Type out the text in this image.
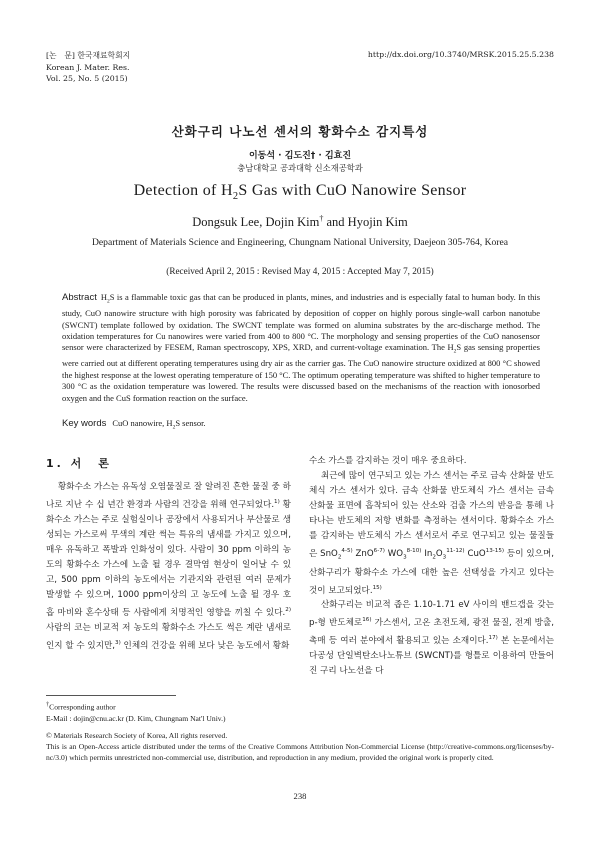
[논　문] 한국재료학회지
Korean J. Mater. Res.
Vol. 25, No. 5 (2015)
http://dx.doi.org/10.3740/MRSK.2015.25.5.238
산화구리 나노선 센서의 황화수소 감지특성
이동석 · 김도진† · 김효진
충남대학교 공과대학 신소재공학과
Detection of $H_2S$ Gas with CuO Nanowire Sensor
Dongsuk Lee, Dojin Kim† and Hyojin Kim
Department of Materials Science and Engineering, Chungnam National University, Daejeon 305-764, Korea
(Received April 2, 2015 : Revised May 4, 2015 : Accepted May 7, 2015)
Abstract $H_2S$ is a flammable toxic gas that can be produced in plants, mines, and industries and is especially fatal to human body. In this study, CuO nanowire structure with high porosity was fabricated by deposition of copper on highly porous single-wall carbon nanotube (SWCNT) template followed by oxidation. The SWCNT template was formed on alumina substrates by the arc-discharge method. The oxidation temperatures for Cu nanowires were varied from 400 to 800 °C. The morphology and sensing properties of the CuO nanosensor sensor were characterized by FESEM, Raman spectroscopy, XPS, XRD, and current-voltage examination. The $H_2S$ gas sensing properties were carried out at different operating temperatures using dry air as the carrier gas. The CuO nanowire structure oxidized at 800 °C showed the highest response at the lowest operating temperature of 150 °C. The optimum operating temperature was shifted to higher temperature to 300 °C as the oxidation temperature was lowered. The results were discussed based on the mechanisms of the reaction with ionosorbed oxygen and the CuS formation reaction on the surface.
Key words CuO nanowire, $H_2S$ sensor.
1. 서　론

황화수소 가스는 유독성 오염물질로 잘 알려진 흔한 물질 중 하나로 지난 수 십 년간 환경과 사람의 건강을 위해 연구되었다.$^{1)}$ 황화수소 가스는 주로 실험실이나 공장에서 사용되거나 부산물로 생성되는 가스로써 무색의 계란 썩는 특유의 냄새를 가지고 있으며, 매우 유독하고 폭발과 인화성이 있다. 사람이 30 ppm 이하의 농도의 황화수소 가스에 노출 될 경우 결막염 현상이 일어날 수 있고, 500 ppm 이하의 농도에서는 기관지와 관련된 여러 문제가 발생할 수 있으며, 1000 ppm이상의 고 농도에 노출 될 경우 호흡 마비와 혼수상태 등 사람에게 치명적인 영향을 끼칠 수 있다.$^{2)}$ 사람의 코는 비교적 저 농도의 황화수소 가스도 썩은 계란 냄새로 인지 할 수 있지만,$^{3)}$ 인체의 건강을 위해 보다 낮은 농도에서 황화

수소 가스를 감지하는 것이 매우 중요하다.

최근에 많이 연구되고 있는 가스 센서는 주로 금속 산화물 반도체식 가스 센서가 있다. 금속 산화물 반도체식 가스 센서는 금속 산화물 표면에 흡착되어 있는 산소와 검출 가스의 반응을 통해 나타나는 반도체의 저항 변화를 측정하는 센서이다. 황화수소 가스를 감지하는 반도체식 가스 센서로서 주로 연구되고 있는 물질들은 SnO$_2^{4-5)}$ ZnO$^{6-7)}$ $WO_3^{8-10)}$ $In_2O_3^{11-12)}$ CuO$^{13-15)}$ 등이 있으며, 산화구리가 황화수소 가스에 대한 높은 선택성을 가지고 있다는 것이 보고되었다.$^{15)}$

산화구리는 비교적 좁은 1.10-1.71 eV 사이의 밴드갭을 갖는 p-형 반도체로$^{16)}$ 가스센서, 고온 초전도체, 광전 물질, 전계 방출, 촉매 등 여러 분야에서 활용되고 있는 소재이다.$^{17)}$ 본 논문에서는 다공성 단일벽탄소나노튜브 (SWCNT)를 형틀로 이용하여 만들어진 구리 나노선을 다

†Corresponding author
E-Mail : dojin@cnu.ac.kr (D. Kim, Chungnam Nat'l Univ.)
© Materials Research Society of Korea, All rights reserved.
This is an Open-Access article distributed under the terms of the Creative Commons Attribution Non-Commercial License (http://creative-commons.org/licenses/by-nc/3.0) which permits unrestricted non-commercial use, distribution, and reproduction in any medium, provided the original work is properly cited.
238
